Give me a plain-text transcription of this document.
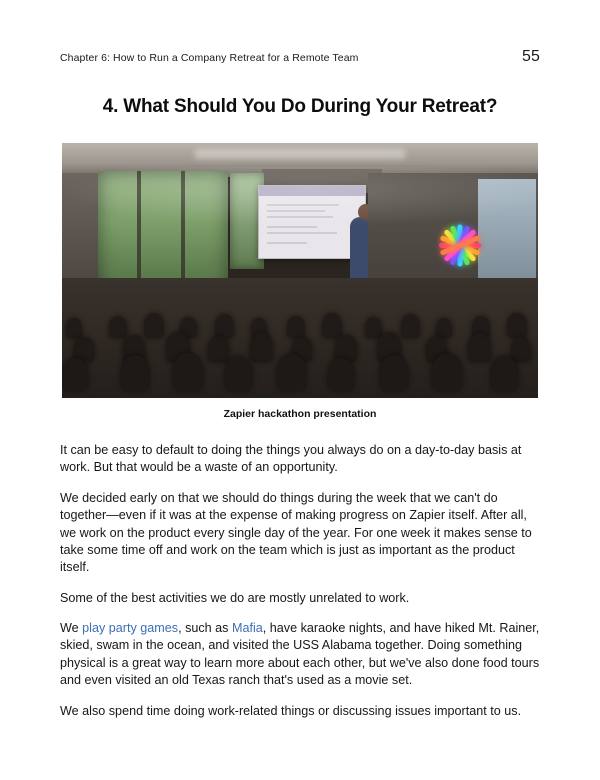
Chapter 6: How to Run a Company Retreat for a Remote Team	55
4. What Should You Do During Your Retreat?
Zapier hackathon presentation

It can be easy to default to doing the things you always do on a day-to-day basis at work. But that would be a waste of an opportunity.

We decided early on that we should do things during the week that we can't do together—even if it was at the expense of making progress on Zapier itself. After all, we work on the product every single day of the year. For one week it makes sense to take some time off and work on the team which is just as important as the product itself.

Some of the best activities we do are mostly unrelated to work.

We play party games, such as Mafia, have karaoke nights, and have hiked Mt. Rainer, skied, swam in the ocean, and visited the USS Alabama together. Doing something physical is a great way to learn more about each other, but we've also done food tours and even visited an old Texas ranch that's used as a movie set.

We also spend time doing work-related things or discussing issues important to us.
